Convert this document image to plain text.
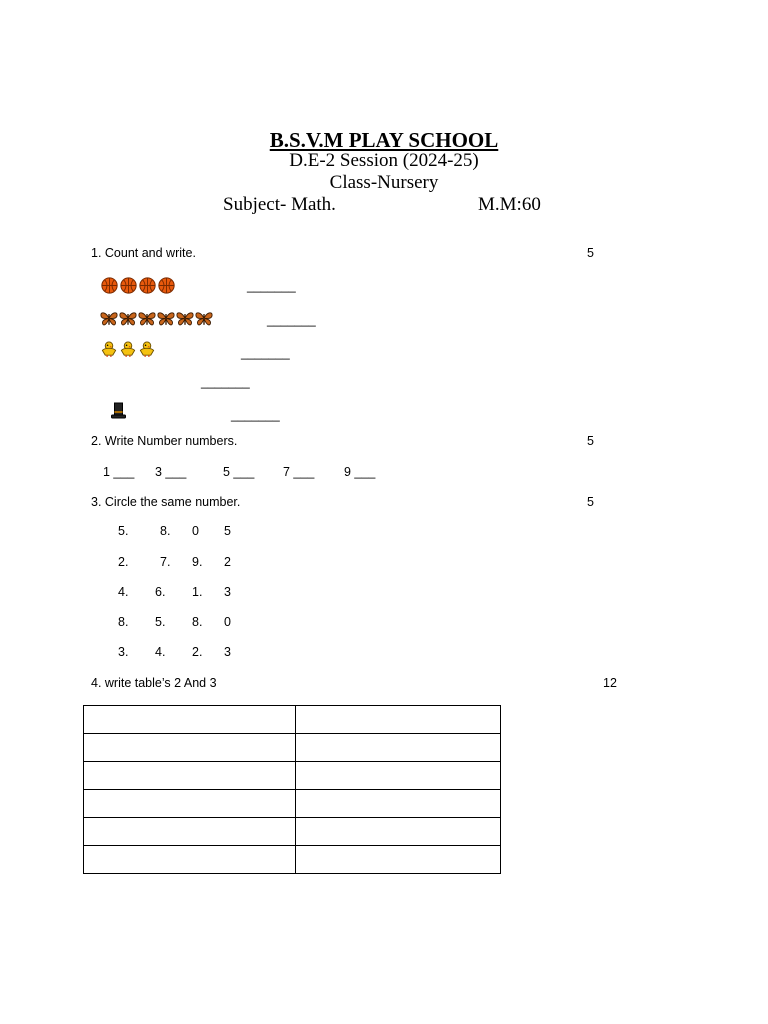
B.S.V.M PLAY SCHOOL
D.E-2 Session (2024-25)
Class-Nursery
Subject- Math.	M.M:60
1. Count and write.	5
_______
_______
_______
_______
_______
2. Write Number numbers.	5
1 ___ 3 ___	5 ___ 7 ___ 9 ___
3. Circle the same number.	5
5.	8. 0 5
2.	7. 9. 2
4. 6. 1. 3
8. 5. 8. 0
3. 4. 2. 3
4. write table’s 2 And 3	12
